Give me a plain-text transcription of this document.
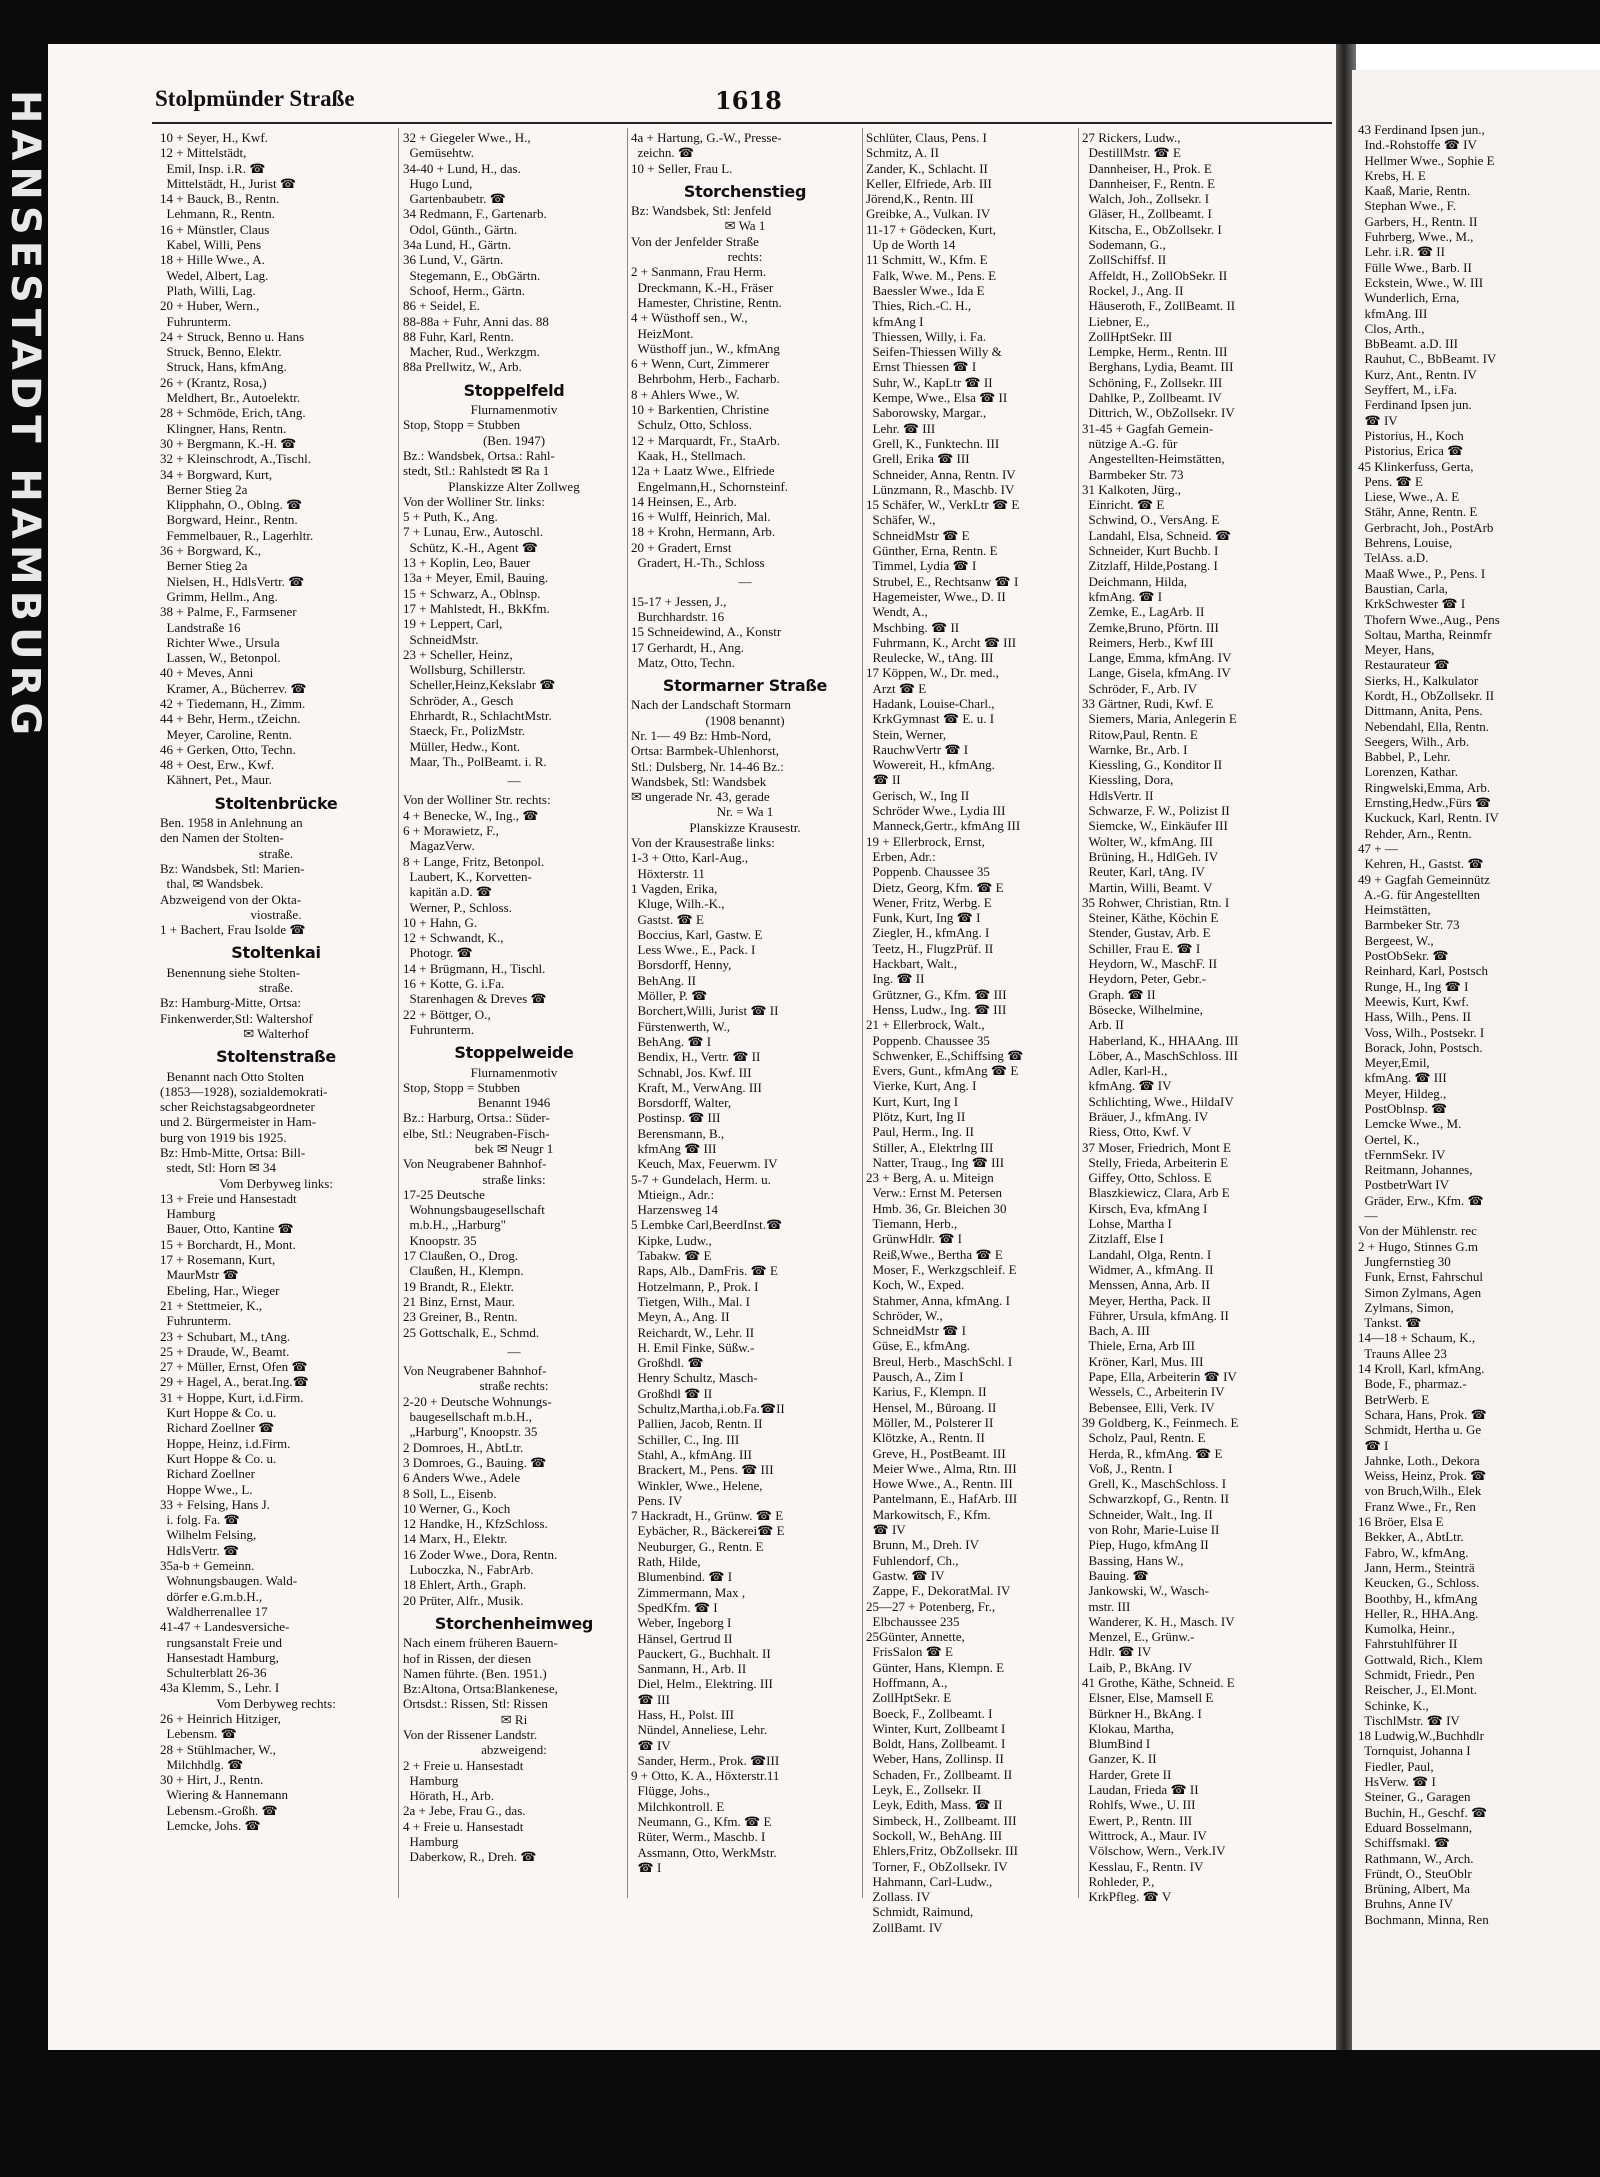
43 Ferdinand Ipsen jun.,
Ind.-Rohstoffe ☎ IV
Hellmer Wwe., Sophie E
Krebs, H. E
Kaaß, Marie, Rentn.
Stephan Wwe., F.
Garbers, H., Rentn. II
Fuhrberg, Wwe., M.,
Lehr. i.R. ☎ II
Fülle Wwe., Barb. II
Eckstein, Wwe., W. III
Wunderlich, Erna,
kfmAng. III
Clos, Arth.,
BbBeamt. a.D. III
Rauhut, C., BbBeamt. IV
Kurz, Ant., Rentn. IV
Seyffert, M., i.Fa.
Ferdinand Ipsen jun.
☎ IV
Pistorius, H., Koch
Pistorius, Erica ☎
45 Klinkerfuss, Gerta,
Pens. ☎ E
Liese, Wwe., A. E
Stähr, Anne, Rentn. E
Gerbracht, Joh., PostArb
Behrens, Louise,
TelAss. a.D.
Maaß Wwe., P., Pens. I
Baustian, Carla,
KrkSchwester ☎ I
Thofern Wwe.,Aug., Pens
Soltau, Martha, Reinmfr
Meyer, Hans,
Restaurateur ☎
Sierks, H., Kalkulator
Kordt, H., ObZollsekr. II
Dittmann, Anita, Pens.
Nebendahl, Ella, Rentn.
Seegers, Wilh., Arb.
Babbel, P., Lehr.
Lorenzen, Kathar.
Ringwelski,Emma, Arb.
Ernsting,Hedw.,Fürs ☎
Kuckuck, Karl, Rentn. IV
Rehder, Arn., Rentn.
47 + —
Kehren, H., Gastst. ☎
49 + Gagfah Gemeinnütz
A.-G. für Angestellten
Heimstätten,
Barmbeker Str. 73
Bergeest, W.,
PostObSekr. ☎
Reinhard, Karl, Postsch
Runge, H., Ing ☎ I
Meewis, Kurt, Kwf.
Hass, Wilh., Pens. II
Voss, Wilh., Postsekr. I
Borack, John, Postsch.
Meyer,Emil,
kfmAng. ☎ III
Meyer, Hildeg.,
PostOblnsp. ☎
Lemcke Wwe., M.
Oertel, K.,
tFernmSekr. IV
Reitmann, Johannes,
PostbetrWart IV
Gräder, Erw., Kfm. ☎
—
Von der Mühlenstr. rec
2 + Hugo, Stinnes G.m
Jungfernstieg 30
Funk, Ernst, Fahrschul
Simon Zylmans, Agen
Zylmans, Simon,
Tankst. ☎
14—18 + Schaum, K.,
Trauns Allee 23
14 Kroll, Karl, kfmAng.
Bode, F., pharmaz.-
BetrWerb. E
Schara, Hans, Prok. ☎
Schmidt, Hertha u. Ge
☎ I
Jahnke, Loth., Dekora
Weiss, Heinz, Prok. ☎
von Bruch,Wilh., Elek
Franz Wwe., Fr., Ren
16 Bröer, Elsa E
Bekker, A., AbtLtr.
Fabro, W., kfmAng.
Jann, Herm., Steinträ
Keucken, G., Schloss.
Boothby, H., kfmAng
Heller, R., HHA.Ang.
Kumolka, Heinr.,
Fahrstuhlführer II
Gottwald, Rich., Klem
Schmidt, Friedr., Pen
Reischer, J., El.Mont.
Schinke, K.,
TischlMstr. ☎ IV
18 Ludwig,W.,Buchhdlr
Tornquist, Johanna I
Fiedler, Paul,
HsVerw. ☎ I
Steiner, G., Garagen
Buchin, H., Geschf. ☎
Eduard Bosselmann,
Schiffsmakl. ☎
Rathmann, W., Arch.
Fründt, O., SteuOblr
Brüning, Albert, Ma
Bruhns, Anne IV
Bochmann, Minna, Ren
HANSESTADT HAMBURG	Stolpmünder Straße	1618
10 + Seyer, H., Kwf.
12 + Mittelstädt,
Emil, Insp. i.R. ☎
Mittelstädt, H., Jurist ☎
14 + Bauck, B., Rentn.
Lehmann, R., Rentn.
16 + Münstler, Claus
Kabel, Willi, Pens
18 + Hille Wwe., A.
Wedel, Albert, Lag.
Plath, Willi, Lag.
20 + Huber, Wern.,
Fuhrunterm.
24 + Struck, Benno u. Hans
Struck, Benno, Elektr.
Struck, Hans, kfmAng.
26 + (Krantz, Rosa,)
Meldhert, Br., Autoelektr.
28 + Schmöde, Erich, tAng.
Klingner, Hans, Rentn.
30 + Bergmann, K.-H. ☎
32 + Kleinschrodt, A.,Tischl.
34 + Borgward, Kurt,
Berner Stieg 2a
Klipphahn, O., Oblng. ☎
Borgward, Heinr., Rentn.
Femmelbauer, R., Lagerhltr.
36 + Borgward, K.,
Berner Stieg 2a
Nielsen, H., HdlsVertr. ☎
Grimm, Hellm., Ang.
38 + Palme, F., Farmsener
Landstraße 16
Richter Wwe., Ursula
Lassen, W., Betonpol.
40 + Meves, Anni
Kramer, A., Bücherrev. ☎
42 + Tiedemann, H., Zimm.
44 + Behr, Herm., tZeichn.
Meyer, Caroline, Rentn.
46 + Gerken, Otto, Techn.
48 + Oest, Erw., Kwf.
Kähnert, Pet., Maur.
Stoltenbrücke
Ben. 1958 in Anlehnung an
den Namen der Stolten-
straße.
Bz: Wandsbek, Stl: Marien-
thal, ✉ Wandsbek.
Abzweigend von der Okta-
viostraße.
1 + Bachert, Frau Isolde ☎
Stoltenkai
Benennung siehe Stolten-
straße.
Bz: Hamburg-Mitte, Ortsa:
Finkenwerder,Stl: Waltershof
✉ Walterhof
Stoltenstraße
Benannt nach Otto Stolten
(1853—1928), sozialdemokrati-
scher Reichstagsabgeordneter
und 2. Bürgermeister in Ham-
burg von 1919 bis 1925.
Bz: Hmb-Mitte, Ortsa: Bill-
stedt, Stl: Horn ✉ 34
Vom Derbyweg links:
13 + Freie und Hansestadt
Hamburg
Bauer, Otto, Kantine ☎
15 + Borchardt, H., Mont.
17 + Rosemann, Kurt,
MaurMstr ☎
Ebeling, Har., Wieger
21 + Stettmeier, K.,
Fuhrunterm.
23 + Schubart, M., tAng.
25 + Draude, W., Beamt.
27 + Müller, Ernst, Ofen ☎
29 + Hagel, A., berat.Ing.☎
31 + Hoppe, Kurt, i.d.Firm.
Kurt Hoppe & Co. u.
Richard Zoellner ☎
Hoppe, Heinz, i.d.Firm.
Kurt Hoppe & Co. u.
Richard Zoellner
Hoppe Wwe., L.
33 + Felsing, Hans J.
i. folg. Fa. ☎
Wilhelm Felsing,
HdlsVertr. ☎
35a-b + Gemeinn.
Wohnungsbaugen. Wald-
dörfer e.G.m.b.H.,
Waldherrenallee 17
41-47 + Landesversiche-
rungsanstalt Freie und
Hansestadt Hamburg,
Schulterblatt 26-36
43a Klemm, S., Lehr. I
Vom Derbyweg rechts:
26 + Heinrich Hitziger,
Lebensm. ☎
28 + Stühlmacher, W.,
Milchhdlg. ☎
30 + Hirt, J., Rentn.
Wiering & Hannemann
Lebensm.-Großh. ☎
Lemcke, Johs. ☎
32 + Giegeler Wwe., H.,
Gemüsehtw.
34-40 + Lund, H., das.
Hugo Lund,
Gartenbaubetr. ☎
34 Redmann, F., Gartenarb.
Odol, Günth., Gärtn.
34a Lund, H., Gärtn.
36 Lund, V., Gärtn.
Stegemann, E., ObGärtn.
Schoof, Herm., Gärtn.
86 + Seidel, E.
88-88a + Fuhr, Anni das. 88
88 Fuhr, Karl, Rentn.
Macher, Rud., Werkzgm.
88a Prellwitz, W., Arb.
Stoppelfeld
Flurnamenmotiv
Stop, Stopp = Stubben
(Ben. 1947)
Bz.: Wandsbek, Ortsa.: Rahl-
stedt, Stl.: Rahlstedt ✉ Ra 1
Planskizze Alter Zollweg
Von der Wolliner Str. links:
5 + Puth, K., Ang.
7 + Lunau, Erw., Autoschl.
Schütz, K.-H., Agent ☎
13 + Koplin, Leo, Bauer
13a + Meyer, Emil, Bauing.
15 + Schwarz, A., Oblnsp.
17 + Mahlstedt, H., BkKfm.
19 + Leppert, Carl,
SchneidMstr.
23 + Scheller, Heinz,
Wollsburg, Schillerstr.
Scheller,Heinz,Kekslabr ☎
Schröder, A., Gesch
Ehrhardt, R., SchlachtMstr.
Staeck, Fr., PolizMstr.
Müller, Hedw., Kont.
Maar, Th., PolBeamt. i. R.
—
Von der Wolliner Str. rechts:
4 + Benecke, W., Ing., ☎
6 + Morawietz, F.,
MagazVerw.
8 + Lange, Fritz, Betonpol.
Laubert, K., Korvetten-
kapitän a.D. ☎
Werner, P., Schloss.
10 + Hahn, G.
12 + Schwandt, K.,
Photogr. ☎
14 + Brügmann, H., Tischl.
16 + Kotte, G. i.Fa.
Starenhagen & Dreves ☎
22 + Böttger, O.,
Fuhrunterm.
Stoppelweide
Flurnamenmotiv
Stop, Stopp = Stubben
Benannt 1946
Bz.: Harburg, Ortsa.: Süder-
elbe, Stl.: Neugraben-Fisch-
bek ✉ Neugr 1
Von Neugrabener Bahnhof-
straße links:
17-25 Deutsche
Wohnungsbaugesellschaft
m.b.H., „Harburg"
Knoopstr. 35
17 Claußen, O., Drog.
Claußen, H., Klempn.
19 Brandt, R., Elektr.
21 Binz, Ernst, Maur.
23 Greiner, B., Rentn.
25 Gottschalk, E., Schmd.
—
Von Neugrabener Bahnhof-
straße rechts:
2-20 + Deutsche Wohnungs-
baugesellschaft m.b.H.,
„Harburg", Knoopstr. 35
2 Domroes, H., AbtLtr.
3 Domroes, G., Bauing. ☎
6 Anders Wwe., Adele
8 Soll, L., Eisenb.
10 Werner, G., Koch
12 Handke, H., KfzSchloss.
14 Marx, H., Elektr.
16 Zoder Wwe., Dora, Rentn.
Luboczka, N., FabrArb.
18 Ehlert, Arth., Graph.
20 Prüter, Alfr., Musik.
Storchenheimweg
Nach einem früheren Bauern-
hof in Rissen, der diesen
Namen führte. (Ben. 1951.)
Bz:Altona, Ortsa:Blankenese,
Ortsdst.: Rissen, Stl: Rissen
✉ Ri
Von der Rissener Landstr.
abzweigend:
2 + Freie u. Hansestadt
Hamburg
Hörath, H., Arb.
2a + Jebe, Frau G., das.
4 + Freie u. Hansestadt
Hamburg
Daberkow, R., Dreh. ☎
4a + Hartung, G.-W., Presse-
zeichn. ☎
10 + Seller, Frau L.
Storchenstieg
Bz: Wandsbek, Stl: Jenfeld
✉ Wa 1
Von der Jenfelder Straße
rechts:
2 + Sanmann, Frau Herm.
Dreckmann, K.-H., Fräser
Hamester, Christine, Rentn.
4 + Wüsthoff sen., W.,
HeizMont.
Wüsthoff jun., W., kfmAng
6 + Wenn, Curt, Zimmerer
Behrbohm, Herb., Facharb.
8 + Ahlers Wwe., W.
10 + Barkentien, Christine
Schulz, Otto, Schloss.
12 + Marquardt, Fr., StaArb.
Kaak, H., Stellmach.
12a + Laatz Wwe., Elfriede
Engelmann,H., Schornsteinf.
14 Heinsen, E., Arb.
16 + Wulff, Heinrich, Mal.
18 + Krohn, Hermann, Arb.
20 + Gradert, Ernst
Gradert, H.-Th., Schloss
—
15-17 + Jessen, J.,
Burchhardstr. 16
15 Schneidewind, A., Konstr
17 Gerhardt, H., Ang.
Matz, Otto, Techn.
Stormarner Straße
Nach der Landschaft Stormarn
(1908 benannt)
Nr. 1— 49 Bz: Hmb-Nord,
Ortsa: Barmbek-Uhlenhorst,
Stl.: Dulsberg, Nr. 14-46 Bz.:
Wandsbek, Stl: Wandsbek
✉ ungerade Nr. 43, gerade
Nr. = Wa 1
Planskizze Krausestr.
Von der Krausestraße links:
1-3 + Otto, Karl-Aug.,
Höxterstr. 11
1 Vagden, Erika,
Kluge, Wilh.-K.,
Gastst. ☎ E
Boccius, Karl, Gastw. E
Less Wwe., E., Pack. I
Borsdorff, Henny,
BehAng. II
Möller, P. ☎
Borchert,Willi, Jurist ☎ II
Fürstenwerth, W.,
BehAng. ☎ I
Bendix, H., Vertr. ☎ II
Schnabl, Jos. Kwf. III
Kraft, M., VerwAng. III
Borsdorff, Walter,
Postinsp. ☎ III
Berensmann, B.,
kfmAng ☎ III
Keuch, Max, Feuerwm. IV
5-7 + Gundelach, Herm. u.
Mtieign., Adr.:
Harzensweg 14
5 Lembke Carl,BeerdInst.☎
Kipke, Ludw.,
Tabakw. ☎ E
Raps, Alb., DamFris. ☎ E
Hotzelmann, P., Prok. I
Tietgen, Wilh., Mal. I
Meyn, A., Ang. II
Reichardt, W., Lehr. II
H. Emil Finke, Süßw.-
Großhdl. ☎
Henry Schultz, Masch-
Großhdl ☎ II
Schultz,Martha,i.ob.Fa.☎II
Pallien, Jacob, Rentn. II
Schiller, C., Ing. III
Stahl, A., kfmAng. III
Brackert, M., Pens. ☎ III
Winkler, Wwe., Helene,
Pens. IV
7 Hackradt, H., Grünw. ☎ E
Eybächer, R., Bäckerei☎ E
Neuburger, G., Rentn. E
Rath, Hilde,
Blumenbind. ☎ I
Zimmermann, Max ,
SpedKfm. ☎ I
Weber, Ingeborg I
Hänsel, Gertrud II
Pauckert, G., Buchhalt. II
Sanmann, H., Arb. II
Diel, Helm., Elektring. III
☎ III
Hass, H., Polst. III
Nündel, Anneliese, Lehr.
☎ IV
Sander, Herm., Prok. ☎III
9 + Otto, K. A., Höxterstr.11
Flügge, Johs.,
Milchkontroll. E
Neumann, G., Kfm. ☎ E
Rüter, Werm., Maschb. I
Assmann, Otto, WerkMstr.
☎ I
Schlüter, Claus, Pens. I
Schmitz, A. II
Zander, K., Schlacht. II
Keller, Elfriede, Arb. III
Jörend,K., Rentn. III
Greibke, A., Vulkan. IV
11-17 + Gödecken, Kurt,
Up de Worth 14
11 Schmitt, W., Kfm. E
Falk, Wwe. M., Pens. E
Baessler Wwe., Ida E
Thies, Rich.-C. H.,
kfmAng I
Thiessen, Willy, i. Fa.
Seifen-Thiessen Willy &
Ernst Thiessen ☎ I
Suhr, W., KapLtr ☎ II
Kempe, Wwe., Elsa ☎ II
Saborowsky, Margar.,
Lehr. ☎ III
Grell, K., Funktechn. III
Grell, Erika ☎ III
Schneider, Anna, Rentn. IV
Lünzmann, R., Maschb. IV
15 Schäfer, W., VerkLtr ☎ E
Schäfer, W.,
SchneidMstr ☎ E
Günther, Erna, Rentn. E
Timmel, Lydia ☎ I
Strubel, E., Rechtsanw ☎ I
Hagemeister, Wwe., D. II
Wendt, A.,
Mschbing. ☎ II
Fuhrmann, K., Archt ☎ III
Reulecke, W., tAng. III
17 Köppen, W., Dr. med.,
Arzt ☎ E
Hadank, Louise-Charl.,
KrkGymnast ☎ E. u. I
Stein, Werner,
RauchwVertr ☎ I
Wowereit, H., kfmAng.
☎ II
Gerisch, W., Ing II
Schröder Wwe., Lydia III
Manneck,Gertr., kfmAng III
19 + Ellerbrock, Ernst,
Erben, Adr.:
Poppenb. Chaussee 35
Dietz, Georg, Kfm. ☎ E
Wener, Fritz, Werbg. E
Funk, Kurt, Ing ☎ I
Ziegler, H., kfmAng. I
Teetz, H., FlugzPrüf. II
Hackbart, Walt.,
Ing. ☎ II
Grützner, G., Kfm. ☎ III
Henss, Ludw., Ing. ☎ III
21 + Ellerbrock, Walt.,
Poppenb. Chaussee 35
Schwenker, E.,Schiffsing ☎
Evers, Gunt., kfmAng ☎ E
Vierke, Kurt, Ang. I
Kurt, Kurt, Ing I
Plötz, Kurt, Ing II
Paul, Herm., Ing. II
Stiller, A., Elektrlng III
Natter, Traug., Ing ☎ III
23 + Berg, A. u. Miteign
Verw.: Ernst M. Petersen
Hmb. 36, Gr. Bleichen 30
Tiemann, Herb.,
GrünwHdlr. ☎ I
Reiß,Wwe., Bertha ☎ E
Moser, F., Werkzgschleif. E
Koch, W., Exped.
Stahmer, Anna, kfmAng. I
Schröder, W.,
SchneidMstr ☎ I
Güse, E., kfmAng.
Breul, Herb., MaschSchl. I
Pausch, A., Zim I
Karius, F., Klempn. II
Hensel, M., Büroang. II
Möller, M., Polsterer II
Klötzke, A., Rentn. II
Greve, H., PostBeamt. III
Meier Wwe., Alma, Rtn. III
Howe Wwe., A., Rentn. III
Pantelmann, E., HafArb. III
Markowitsch, F., Kfm.
☎ IV
Brunn, M., Dreh. IV
Fuhlendorf, Ch.,
Gastw. ☎ IV
Zappe, F., DekoratMal. IV
25—27 + Potenberg, Fr.,
Elbchaussee 235
25Günter, Annette,
FrisSalon ☎ E
Günter, Hans, Klempn. E
Hoffmann, A.,
ZollHptSekr. E
Boeck, F., Zollbeamt. I
Winter, Kurt, Zollbeamt I
Boldt, Hans, Zollbeamt. I
Weber, Hans, Zollinsp. II
Schaden, Fr., Zollbeamt. II
Leyk, E., Zollsekr. II
Leyk, Edith, Mass. ☎ II
Simbeck, H., Zollbeamt. III
Sockoll, W., BehAng. III
Ehlers,Fritz, ObZollsekr. III
Torner, F., ObZollsekr. IV
Hahmann, Carl-Ludw.,
Zollass. IV
Schmidt, Raimund,
ZollBamt. IV
27 Rickers, Ludw.,
DestillMstr. ☎ E
Dannheiser, H., Prok. E
Dannheiser, F., Rentn. E
Walch, Joh., Zollsekr. I
Gläser, H., Zollbeamt. I
Kitscha, E., ObZollsekr. I
Sodemann, G.,
ZollSchiffsf. II
Affeldt, H., ZollObSekr. II
Rockel, J., Ang. II
Häuseroth, F., ZollBeamt. II
Liebner, E.,
ZollHptSekr. III
Lempke, Herm., Rentn. III
Berghans, Lydia, Beamt. III
Schöning, F., Zollsekr. III
Dahlke, P., Zollbeamt. IV
Dittrich, W., ObZollsekr. IV
31-45 + Gagfah Gemein-
nützige A.-G. für
Angestellten-Heimstätten,
Barmbeker Str. 73
31 Kalkoten, Jürg.,
Einricht. ☎ E
Schwind, O., VersAng. E
Landahl, Elsa, Schneid. ☎
Schneider, Kurt Buchb. I
Zitzlaff, Hilde,Postang. I
Deichmann, Hilda,
kfmAng. ☎ I
Zemke, E., LagArb. II
Zemke,Bruno, Pförtn. III
Reimers, Herb., Kwf III
Lange, Emma, kfmAng. IV
Lange, Gisela, kfmAng. IV
Schröder, F., Arb. IV
33 Gärtner, Rudi, Kwf. E
Siemers, Maria, Anlegerin E
Ritow,Paul, Rentn. E
Warnke, Br., Arb. I
Kiessling, G., Konditor II
Kiessling, Dora,
HdlsVertr. II
Schwarze, F. W., Polizist II
Siemcke, W., Einkäufer III
Wolter, W., kfmAng. III
Brüning, H., HdlGeh. IV
Reuter, Karl, tAng. IV
Martin, Willi, Beamt. V
35 Rohwer, Christian, Rtn. I
Steiner, Käthe, Köchin E
Stender, Gustav, Arb. E
Schiller, Frau E. ☎ I
Heydorn, W., MaschF. II
Heydorn, Peter, Gebr.-
Graph. ☎ II
Bösecke, Wilhelmine,
Arb. II
Haberland, K., HHAAng. III
Löber, A., MaschSchloss. III
Adler, Karl-H.,
kfmAng. ☎ IV
Schlichting, Wwe., HildaIV
Bräuer, J., kfmAng. IV
Riess, Otto, Kwf. V
37 Moser, Friedrich, Mont E
Stelly, Frieda, Arbeiterin E
Giffey, Otto, Schloss. E
Blaszkiewicz, Clara, Arb E
Kirsch, Eva, kfmAng I
Lohse, Martha I
Zitzlaff, Else I
Landahl, Olga, Rentn. I
Widmer, A., kfmAng. II
Menssen, Anna, Arb. II
Meyer, Hertha, Pack. II
Führer, Ursula, kfmAng. II
Bach, A. III
Thiele, Erna, Arb III
Kröner, Karl, Mus. III
Pape, Ella, Arbeiterin ☎ IV
Wessels, C., Arbeiterin IV
Bebensee, Elli, Verk. IV
39 Goldberg, K., Feinmech. E
Scholz, Paul, Rentn. E
Herda, R., kfmAng. ☎ E
Voß, J., Rentn. I
Grell, K., MaschSchloss. I
Schwarzkopf, G., Rentn. II
Schneider, Walt., Ing. II
von Rohr, Marie-Luise II
Piep, Hugo, kfmAng II
Bassing, Hans W.,
Bauing. ☎
Jankowski, W., Wasch-
mstr. III
Wanderer, K. H., Masch. IV
Menzel, E., Grünw.-
Hdlr. ☎ IV
Laib, P., BkAng. IV
41 Grothe, Käthe, Schneid. E
Elsner, Else, Mamsell E
Bürkner H., BkAng. I
Klokau, Martha,
BlumBind I
Ganzer, K. II
Harder, Grete II
Laudan, Frieda ☎ II
Rohlfs, Wwe., U. III
Ewert, P., Rentn. III
Wittrock, A., Maur. IV
Völschow, Wern., Verk.IV
Kesslau, F., Rentn. IV
Rohleder, P.,
KrkPfleg. ☎ V
